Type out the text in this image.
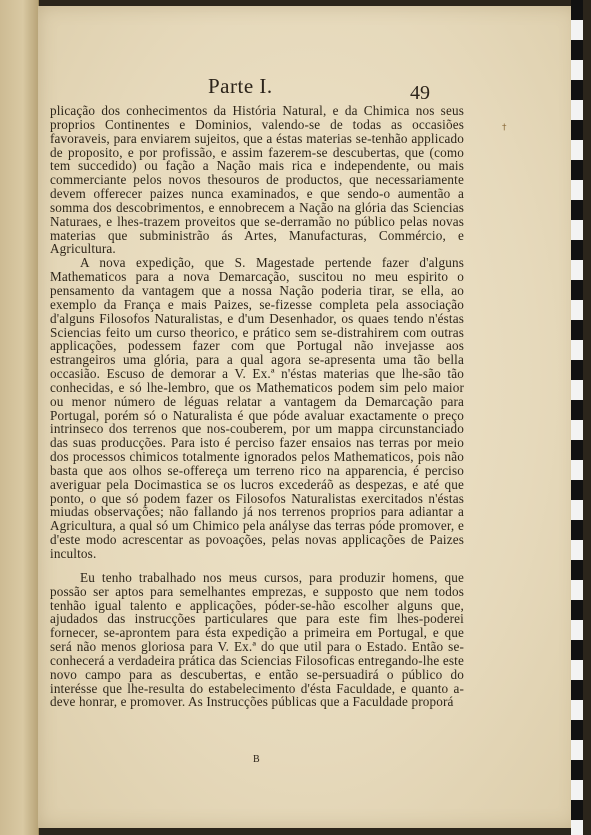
Parte I.	49
†

plicação dos conhecimentos da História Natural, e da Chimica nos seus proprios Continentes e Dominios, valendo-se de todas as occasiões favoraveis, para enviarem sujeitos, que a éstas materias se-tenhão applicado de proposito, e por profissão, e assim fazerem-se descubertas, que (como tem succedido) ou fação a Nação mais rica e independente, ou mais commerciante pelos novos thesouros de productos, que necessariamente devem offerecer paizes nunca examinados, e que sendo-o aumentão a somma dos descobrimentos, e ennobrecem a Nação na glória das Sciencias Naturaes, e lhes-trazem proveitos que se-derramão no público pelas novas materias que subministrão ás Artes, Manufacturas, Commércio, e Agricultura.

A nova expedição, que S. Magestade pertende fazer d'alguns Mathematicos para a nova Demarcação, suscitou no meu espirito o pensamento da vantagem que a nossa Nação poderia tirar, se ella, ao exemplo da França e mais Paizes, se-fizesse completa pela associação d'alguns Filosofos Naturalistas, e d'um Desenhador, os quaes tendo n'éstas Sciencias feito um curso theorico, e prático sem se-distrahirem com outras applicações, podessem fazer com que Portugal não invejasse aos estrangeiros uma glória, para a qual agora se-apresenta uma tão bella occasião. Escuso de demorar a V. Ex.ª n'éstas materias que lhe-são tão conhecidas, e só lhe-lembro, que os Mathematicos podem sim pelo maior ou menor número de léguas relatar a vantagem da Demarcação para Portugal, porém só o Naturalista é que póde avaluar exactamente o preço intrinseco dos terrenos que nos-couberem, por um mappa circunstanciado das suas producções. Para isto é perciso fazer ensaios nas terras por meio dos processos chimicos totalmente ignorados pelos Mathematicos, pois não basta que aos olhos se-offereça um terreno rico na apparencia, é perciso averiguar pela Docimastica se os lucros excederáõ as despezas, e até que ponto, o que só podem fazer os Filosofos Naturalistas exercitados n'éstas miudas observações; não fallando já nos terrenos proprios para adiantar a Agricultura, a qual só um Chimico pela anályse das terras póde promover, e d'este modo acrescentar as povoações, pelas novas applicações de Paizes incultos.

Eu tenho trabalhado nos meus cursos, para produzir homens, que possão ser aptos para semelhantes emprezas, e supposto que nem todos tenhão igual talento e applicações, póder-se-hão escolher alguns que, ajudados das instrucções particulares que para este fim lhes-poderei fornecer, se-aprontem para ésta expedição a primeira em Portugal, e que será não menos gloriosa para V. Ex.ª do que util para o Estado. Então se-conhecerá a verdadeira prática das Sciencias Filosoficas entregando-lhe este novo campo para as descubertas, e então se-persuadirá o público do interésse que lhe-resulta do estabelecimento d'ésta Faculdade, e quanto a-deve honrar, e promover. As Instrucções públicas que a Faculdade proporá

B
